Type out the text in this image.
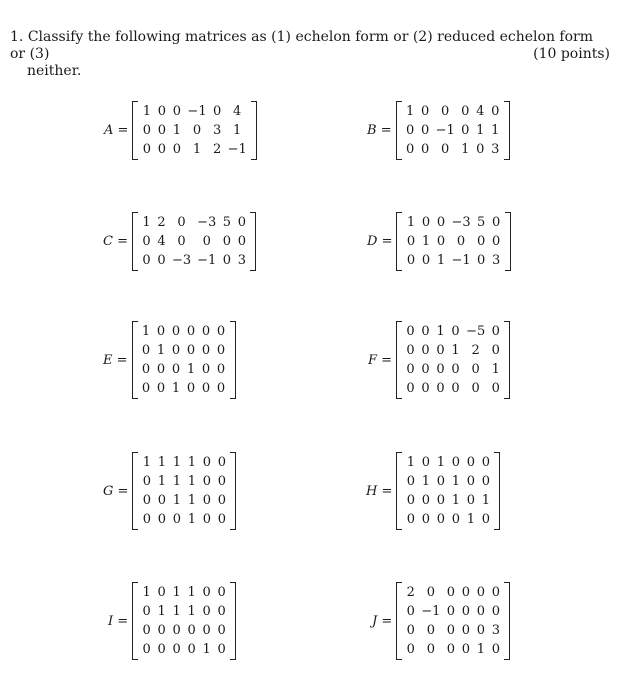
1. Classify the following matrices as (1) echelon form or (2) reduced echelon form or (3)
neither.
(10 points)
A =
1	0	0	−1	0	4
0	0	1	0	3	1
0	0	0	1	2	−1
B =
1	0	0	0	4	0
0	0	−1	0	1	1
0	0	0	1	0	3
C =
1	2	0	−3	5	0
0	4	0	0	0	0
0	0	−3	−1	0	3
D =
1	0	0	−3	5	0
0	1	0	0	0	0
0	0	1	−1	0	3
E =
1	0	0	0	0	0
0	1	0	0	0	0
0	0	0	1	0	0
0	0	1	0	0	0
F =
0	0	1	0	−5	0
0	0	0	1	2	0
0	0	0	0	0	1
0	0	0	0	0	0
G =
1	1	1	1	0	0
0	1	1	1	0	0
0	0	1	1	0	0
0	0	0	1	0	0
H =
1	0	1	0	0	0
0	1	0	1	0	0
0	0	0	1	0	1
0	0	0	0	1	0
I =
1	0	1	1	0	0
0	1	1	1	0	0
0	0	0	0	0	0
0	0	0	0	1	0
J =
2	0	0	0	0	0
0	−1	0	0	0	0
0	0	0	0	0	3
0	0	0	0	1	0
